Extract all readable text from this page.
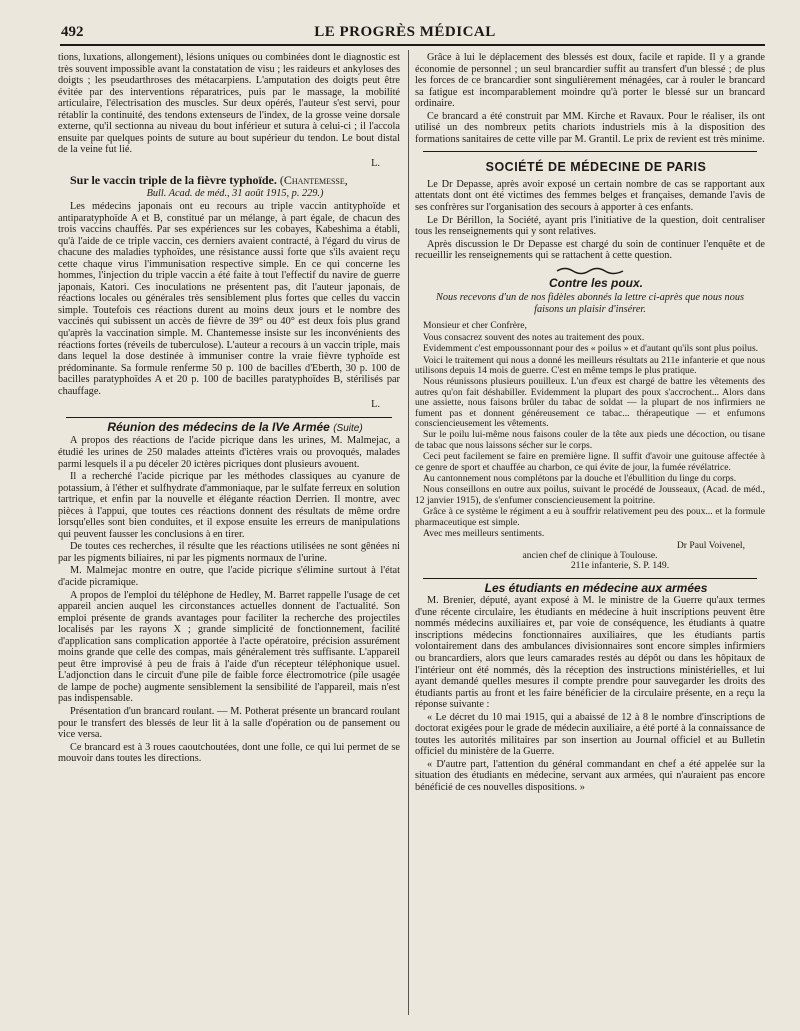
492	LE PROGRÈS MÉDICAL

tions, luxations, allongement), lésions uniques ou combinées dont le diagnostic est très souvent impossible avant la constatation de visu ; les raideurs et ankyloses des doigts ; les pseudarthroses des métacarpiens. L'amputation des doigts peut être évitée par des interventions réparatrices, puis par le massage, la mobilité articulaire, l'électrisation des muscles. Sur deux opérés, l'auteur s'est servi, pour rétablir la continuité, des tendons extenseurs de l'index, de la grosse veine dorsale externe, qu'il sectionna au niveau du bout inférieur et sutura à celui-ci ; il l'accola ensuite par quelques points de suture au bout supérieur du tendon. Le bout distal de la veine fut lié.

L.

Sur le vaccin triple de la fièvre typhoïde. (Chantemesse,

Bull. Acad. de méd., 31 août 1915, p. 229.)

Les médecins japonais ont eu recours au triple vaccin antityphoïde et antiparatyphoïde A et B, constitué par un mélange, à part égale, de chacun des trois vaccins chauffés. Par ses expériences sur les cobayes, Kabeshima a établi, qu'à l'aide de ce triple vaccin, ces derniers avaient contracté, à l'égard du virus de chacune des maladies typhoïdes, une résistance aussi forte que s'ils avaient reçu cette chaque virus l'immunisation respective simple. En ce qui concerne les hommes, l'injection du triple vaccin a été faite à tout l'effectif du navire de guerre japonais, Katori. Ces inoculations ne présentent pas, dit l'auteur japonais, de réactions locales ou générales très sensiblement plus fortes que celles du vaccin simple. Toutefois ces réactions durent au moins deux jours et le nombre des vaccinés qui subissent un accès de fièvre de 39° ou 40° est deux fois plus grand qu'après la vaccination simple. M. Chantemesse insiste sur les inconvénients des réactions fortes (réveils de tuberculose). L'auteur a recours à un vaccin triple, mais dans lequel la dose destinée à immuniser contre la vraie fièvre typhoïde est prédominante. Sa formule renferme 50 p. 100 de bacilles d'Eberth, 30 p. 100 de bacilles paratyphoïdes A et 20 p. 100 de bacilles paratyphoïdes B, stérilisés par chauffage.

L.

Réunion des médecins de la IVe Armée (Suite)

A propos des réactions de l'acide picrique dans les urines, M. Malmejac, a étudié les urines de 250 malades atteints d'ictères vrais ou provoqués, malades parmi lesquels il a pu déceler 20 ictères picriques dont plusieurs avouent.

Il a recherché l'acide picrique par les méthodes classiques au cyanure de potassium, à l'éther et sulfhydrate d'ammoniaque, par le sulfate ferreux en solution tartrique, et enfin par la nouvelle et élégante réaction Derrien. Il montre, avec pièces à l'appui, que toutes ces réactions donnent des résultats de même ordre lorsqu'elles sont bien conduites, et il expose ensuite les erreurs de manipulations qui peuvent fausser les conclusions à en tirer.

De toutes ces recherches, il résulte que les réactions utilisées ne sont gênées ni par les pigments biliaires, ni par les pigments normaux de l'urine.

M. Malmejac montre en outre, que l'acide picrique s'élimine surtout à l'état d'acide picramique.

A propos de l'emploi du téléphone de Hedley, M. Barret rappelle l'usage de cet appareil ancien auquel les circonstances actuelles donnent de l'actualité. Son emploi présente de grands avantages pour faciliter la recherche des projectiles localisés par les rayons X ; grande simplicité de fonctionnement, facilité d'application sans complication apportée à l'acte opératoire, précision assurément moins grande que celle des compas, mais généralement très suffisante. L'appareil peut être improvisé à peu de frais à l'aide d'un récepteur téléphonique usuel. L'adjonction dans le circuit d'une pile de faible force électromotrice (pile usagée de lampe de poche) augmente sensiblement la sensibilité de l'appareil, mais n'est pas indispensable.

Présentation d'un brancard roulant. — M. Potherat présente un brancard roulant pour le transfert des blessés de leur lit à la salle d'opération ou de pansement ou vice versa.

Ce brancard est à 3 roues caoutchoutées, dont une folle, ce qui lui permet de se mouvoir dans toutes les directions.

Grâce à lui le déplacement des blessés est doux, facile et rapide. Il y a grande économie de personnel ; un seul brancardier suffit au transfert d'un blessé ; de plus les forces de ce brancardier sont singulièrement ménagées, car à rouler le brancard sa fatigue est incomparablement moindre qu'à porter le blessé sur un brancard ordinaire.

Ce brancard a été construit par MM. Kirche et Ravaux. Pour le réaliser, ils ont utilisé un des nombreux petits chariots industriels mis à la disposition des formations sanitaires de cette ville par M. Grantil. Le prix de revient est très minime.

SOCIÉTÉ DE MÉDECINE DE PARIS

Le Dr Depasse, après avoir exposé un certain nombre de cas se rapportant aux attentats dont ont été victimes des femmes belges et françaises, demande l'avis de ses confrères sur l'organisation des secours à apporter à ces enfants.

Le Dr Bérillon, la Société, ayant pris l'initiative de la question, doit centraliser tous les renseignements qui y sont relatives.

Après discussion le Dr Depasse est chargé du soin de continuer l'enquête et de recueillir les renseignements qui se rattachent à cette question.

Contre les poux.

Nous recevons d'un de nos fidèles abonnés la lettre ci-après que nous nous faisons un plaisir d'insérer.

Monsieur et cher Confrère,

Vous consacrez souvent des notes au traitement des poux.

Evidemment c'est empoussonnant pour des « poilus » et d'autant qu'ils sont plus poilus.

Voici le traitement qui nous a donné les meilleurs résultats au 211e infanterie et que nous utilisons depuis 14 mois de guerre. C'est en même temps le plus pratique.

Nous réunissons plusieurs pouilleux. L'un d'eux est chargé de battre les vêtements des autres qu'on fait déshabiller. Evidemment la plupart des poux s'accrochent... Alors dans une assiette, nous faisons brûler du tabac de soldat — la plupart de nos infirmiers ne fument pas et donnent généreusement ce tabac... thérapeutique — et enfumons consciencieusement les vêtements.

Sur le poilu lui-même nous faisons couler de la tête aux pieds une décoction, ou tisane de tabac que nous laissons sécher sur le corps.

Ceci peut facilement se faire en première ligne. Il suffit d'avoir une guitouse affectée à ce genre de sport et chauffée au charbon, ce qui évite de jour, la fumée révélatrice.

Au cantonnement nous complétons par la douche et l'ébullition du linge du corps.

Nous conseillons en outre aux poilus, suivant le procédé de Jousseaux, (Acad. de méd., 12 janvier 1915), de s'enfumer consciencieusement la poitrine.

Grâce à ce système le régiment a eu à souffrir relativement peu des poux... et la formule pharmaceutique est simple.

Avec mes meilleurs sentiments.

Dr Paul Voivenel,

ancien chef de clinique à Toulouse.

211e infanterie, S. P. 149.

Les étudiants en médecine aux armées

M. Brenier, député, ayant exposé à M. le ministre de la Guerre qu'aux termes d'une récente circulaire, les étudiants en médecine à huit inscriptions peuvent être nommés médecins auxiliaires et, par voie de conséquence, les étudiants à quatre inscriptions médecins fonctionnaires auxiliaires, que les étudiants partis volontairement dans des ambulances divisionnaires sont encore simples infirmiers ou brancardiers, alors que leurs camarades restés au dépôt ou dans les hôpitaux de l'intérieur ont été nommés, dès la réception des instructions ministérielles, et lui ayant demandé quelles mesures il compte prendre pour sauvegarder les droits des étudiants partis au front et les faire bénéficier de la circulaire présente, en a reçu la réponse suivante :

« Le décret du 10 mai 1915, qui a abaissé de 12 à 8 le nombre d'inscriptions de doctorat exigées pour le grade de médecin auxiliaire, a été porté à la connaissance de toutes les autorités militaires par son insertion au Journal officiel et au Bulletin officiel du ministère de la Guerre.

« D'autre part, l'attention du général commandant en chef a été appelée sur la situation des étudiants en médecine, servant aux armées, qui n'auraient pas encore bénéficié de ces nouvelles dispositions. »
